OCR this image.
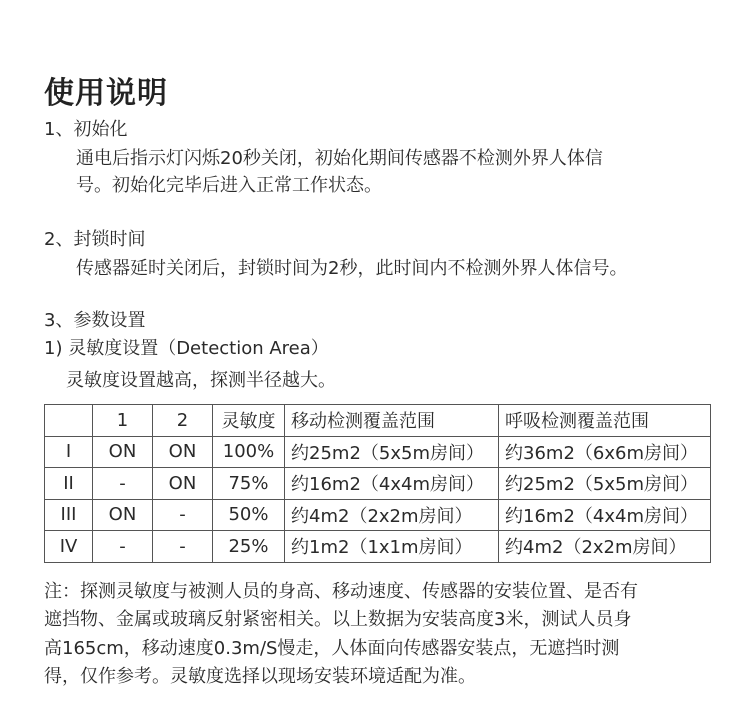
使用说明
1、初始化
通电后指示灯闪烁20秒关闭，初始化期间传感器不检测外界人体信
号。初始化完毕后进入正常工作状态。
2、封锁时间
传感器延时关闭后，封锁时间为2秒，此时间内不检测外界人体信号。
3、参数设置
1) 灵敏度设置（Detection Area）
灵敏度设置越高，探测半径越大。
	1	2	灵敏度	移动检测覆盖范围	呼吸检测覆盖范围
I	ON	ON	100%	约25m2（5x5m房间）	约36m2（6x6m房间）
II	-	ON	75%	约16m2（4x4m房间）	约25m2（5x5m房间）
III	ON	-	50%	约4m2（2x2m房间）	约16m2（4x4m房间）
IV	-	-	25%	约1m2（1x1m房间）	约4m2（2x2m房间）
注：探测灵敏度与被测人员的身高、移动速度、传感器的安装位置、是否有
遮挡物、金属或玻璃反射紧密相关。以上数据为安装高度3米，测试人员身
高165cm，移动速度0.3m/S慢走，人体面向传感器安装点，无遮挡时测
得，仅作参考。灵敏度选择以现场安装环境适配为准。
